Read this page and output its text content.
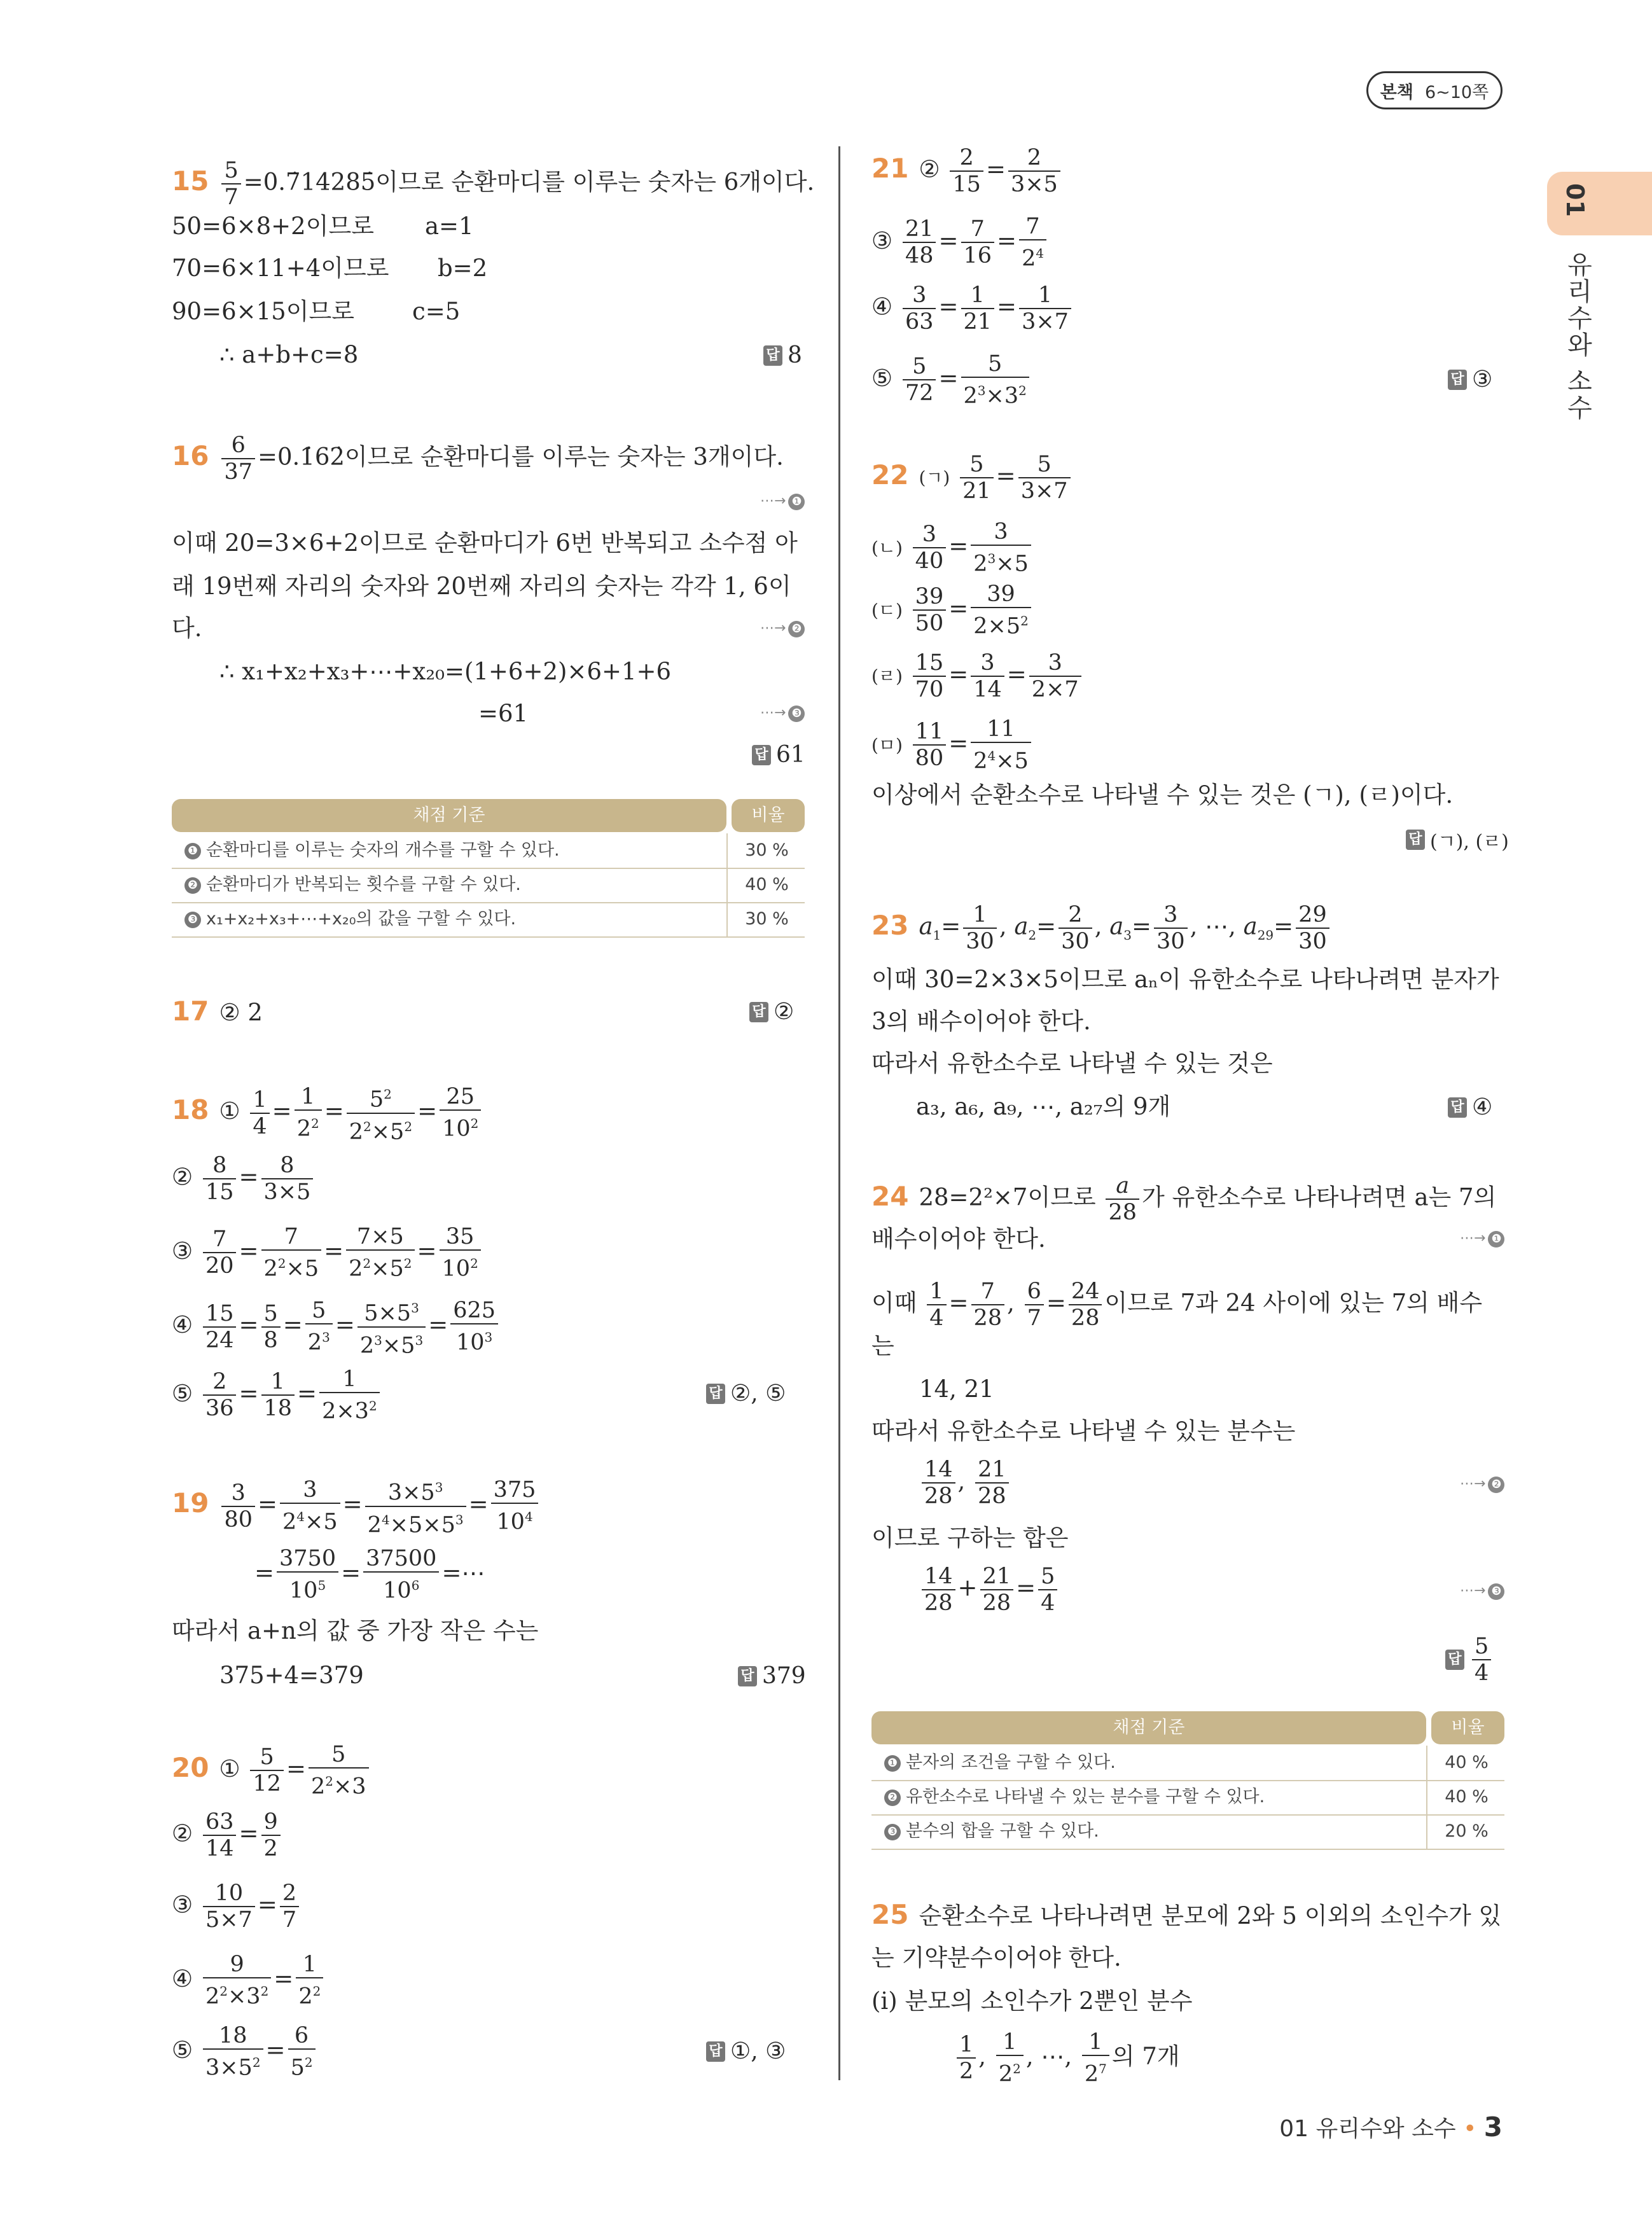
본책 6~10쪽
01
유리수와 소수
$15 \frac{5}{7}$ =0.7̇14285̇이므로 순환마디를 이루는 숫자는 6개이다.
50=6×8+2이므로 a=1
70=6×11+4이므로 b=2
90=6×15이므로 c=5
∴ a+b+c=8	답 8
$16 \frac{6}{37}$ =0.1̇62̇이므로 순환마디를 이루는 숫자는 3개이다.
⋯→ ❶
이때 20=3×6+2이므로 순환마디가 6번 반복되고 소수점 아
래 19번째 자리의 숫자와 20번째 자리의 숫자는 각각 1, 6이
다.	⋯→ ❷
∴ x₁+x₂+x₃+⋯+x₂₀=(1+6+2)×6+1+6
=61	⋯→ ❸
답 61
채점 기준	비율
❶ 순환마디를 이루는 숫자의 개수를 구할 수 있다.	30 %
❷ 순환마디가 반복되는 횟수를 구할 수 있다.	40 %
❸ x₁+x₂+x₃+⋯+x₂₀의 값을 구할 수 있다.	30 %
17 ② 2	답 ②
18 ① $\frac{1}{4} = \frac{1}{2^2} = \frac{5^2}{2^2\times 5^2} = \frac{25}{10^2}$
② $\frac{8}{15} = \frac{8}{3\times 5}$
③ $\frac{7}{20} = \frac{7}{2^2\times 5} = \frac{7\times 5}{2^2\times 5^2} = \frac{35}{10^2}$
④ $\frac{15}{24} = \frac{5}{8} = \frac{5}{2^3} = \frac{5\times 5^3}{2^3\times 5^3} = \frac{625}{10^3}$
⑤ $\frac{2}{36} = \frac{1}{18} = \frac{1}{2\times 3^2}$	답 ②, ⑤
$19 \frac{3}{80} = \frac{3}{2^4\times 5} = \frac{3\times 5^3}{2^4\times 5\times 5^3} = \frac{375}{10^4}$
= $\frac{3750}{10^5} = \frac{37500}{10^6}$ =⋯
따라서 a+n의 값 중 가장 작은 수는
375+4=379	답 379
20 ① $\frac{5}{12} = \frac{5}{2^2\times 3}$
② $\frac{63}{14} = \frac{9}{2}$
③ $\frac{10}{5\times 7} = \frac{2}{7}$
④ $\frac{9}{2^2\times 3^2} = \frac{1}{2^2}$
⑤ $\frac{18}{3\times 5^2} = \frac{6}{5^2}$	답 ①, ③
21 ② $\frac{2}{15} = \frac{2}{3\times 5}$
③ $\frac{21}{48} = \frac{7}{16} = \frac{7}{2^4}$
④ $\frac{3}{63} = \frac{1}{21} = \frac{1}{3\times 7}$
⑤ $\frac{5}{72} = \frac{5}{2^3\times 3^2}$	답 ③
22 (ㄱ) $\frac{5}{21} = \frac{5}{3\times 7}$
(ㄴ) $\frac{3}{40} = \frac{3}{2^3\times 5}$
(ㄷ) $\frac{39}{50} = \frac{39}{2\times 5^2}$
(ㄹ) $\frac{15}{70} = \frac{3}{14} = \frac{3}{2\times 7}$
(ㅁ) $\frac{11}{80} = \frac{11}{2^4\times 5}$
이상에서 순환소수로 나타낼 수 있는 것은 (ㄱ), (ㄹ)이다.
답 (ㄱ), (ㄹ)
23 $a_1= \frac{1}{30}$ , $a_2= \frac{2}{30}$ , $a_3= \frac{3}{30}$ , ⋯, $a_{29}= \frac{29}{30}$
이때 30=2×3×5이므로 aₙ이 유한소수로 나타나려면 분자가
3의 배수이어야 한다.
따라서 유한소수로 나타낼 수 있는 것은
a₃, a₆, a₉, ⋯, a₂₇의 9개	답 ④
24 28=2²×7이므로 $\frac{a}{28}$ 가 유한소수로 나타나려면 a는 7의
배수이어야 한다.	⋯→ ❶
이때 $\frac{1}{4} = \frac{7}{28}$ , $\frac{6}{7} = \frac{24}{28}$ 이므로 7과 24 사이에 있는 7의 배수
는
14, 21
따라서 유한소수로 나타낼 수 있는 분수는
$\frac{14}{28}$ , $\frac{21}{28}$	⋯→ ❷
이므로 구하는 합은
$\frac{14}{28} + \frac{21}{28} = \frac{5}{4}$	⋯→ ❸
답
5
4
채점 기준	비율
❶ 분자의 조건을 구할 수 있다.	40 %
❷ 유한소수로 나타낼 수 있는 분수를 구할 수 있다.	40 %
❸ 분수의 합을 구할 수 있다.	20 %
25 순환소수로 나타나려면 분모에 2와 5 이외의 소인수가 있
는 기약분수이어야 한다.
(ⅰ) 분모의 소인수가 2뿐인 분수
$\frac{1}{2}$ , $\frac{1}{2^2}$ , ⋯, $\frac{1}{2^7}$ 의 7개
01 유리수와 소수 • 3
